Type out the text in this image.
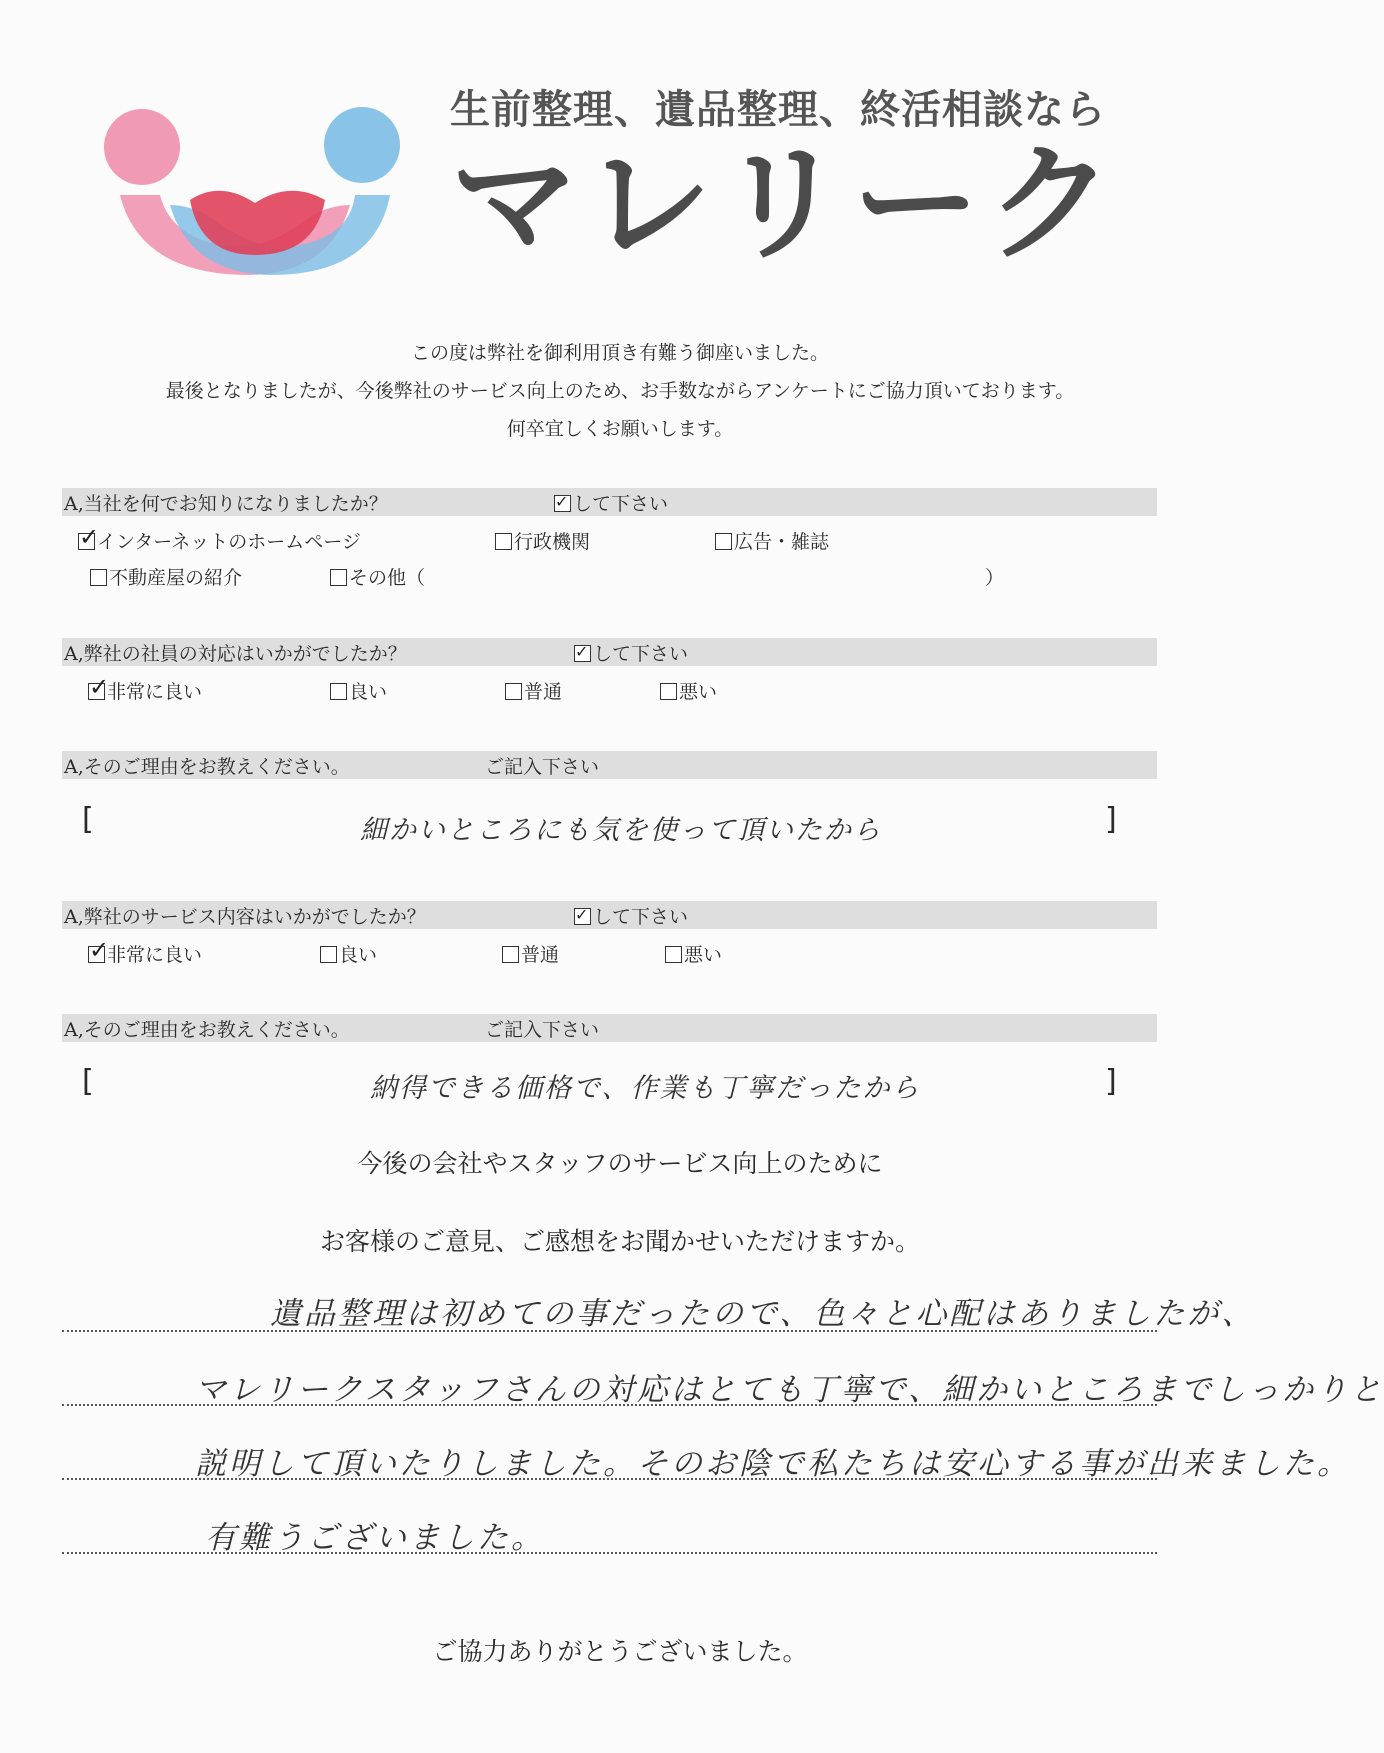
生前整理、遺品整理、終活相談なら
マレリーク
この度は弊社を御利用頂き有難う御座いました。
最後となりましたが、今後弊社のサービス向上のため、お手数ながらアンケートにご協力頂いております。
何卒宜しくお願いします。
A,当社を何でお知りになりましたか？ ✓	して下さい
✓インターネットのホームページ	行政機関	広告・雑誌
不動産屋の紹介	その他（	）
A,弊社の社員の対応はいかがでしたか？ ✓	して下さい
✓非常に良い	良い	普通	悪い
A,そのご理由をお教えください。	ご記入下さい
[	細かいところにも気を使って頂いたから	]
A,弊社のサービス内容はいかがでしたか？ ✓	して下さい
✓非常に良い	良い	普通	悪い
A,そのご理由をお教えください。	ご記入下さい
[	納得できる価格で、作業も丁寧だったから	]
今後の会社やスタッフのサービス向上のために
お客様のご意見、ご感想をお聞かせいただけますか。
遺品整理は初めての事だったので、色々と心配はありましたが、
マレリークスタッフさんの対応はとても丁寧で、細かいところまでしっかりと
説明して頂いたりしました。そのお陰で私たちは安心する事が出来ました。
有難うございました。
ご協力ありがとうございました。
